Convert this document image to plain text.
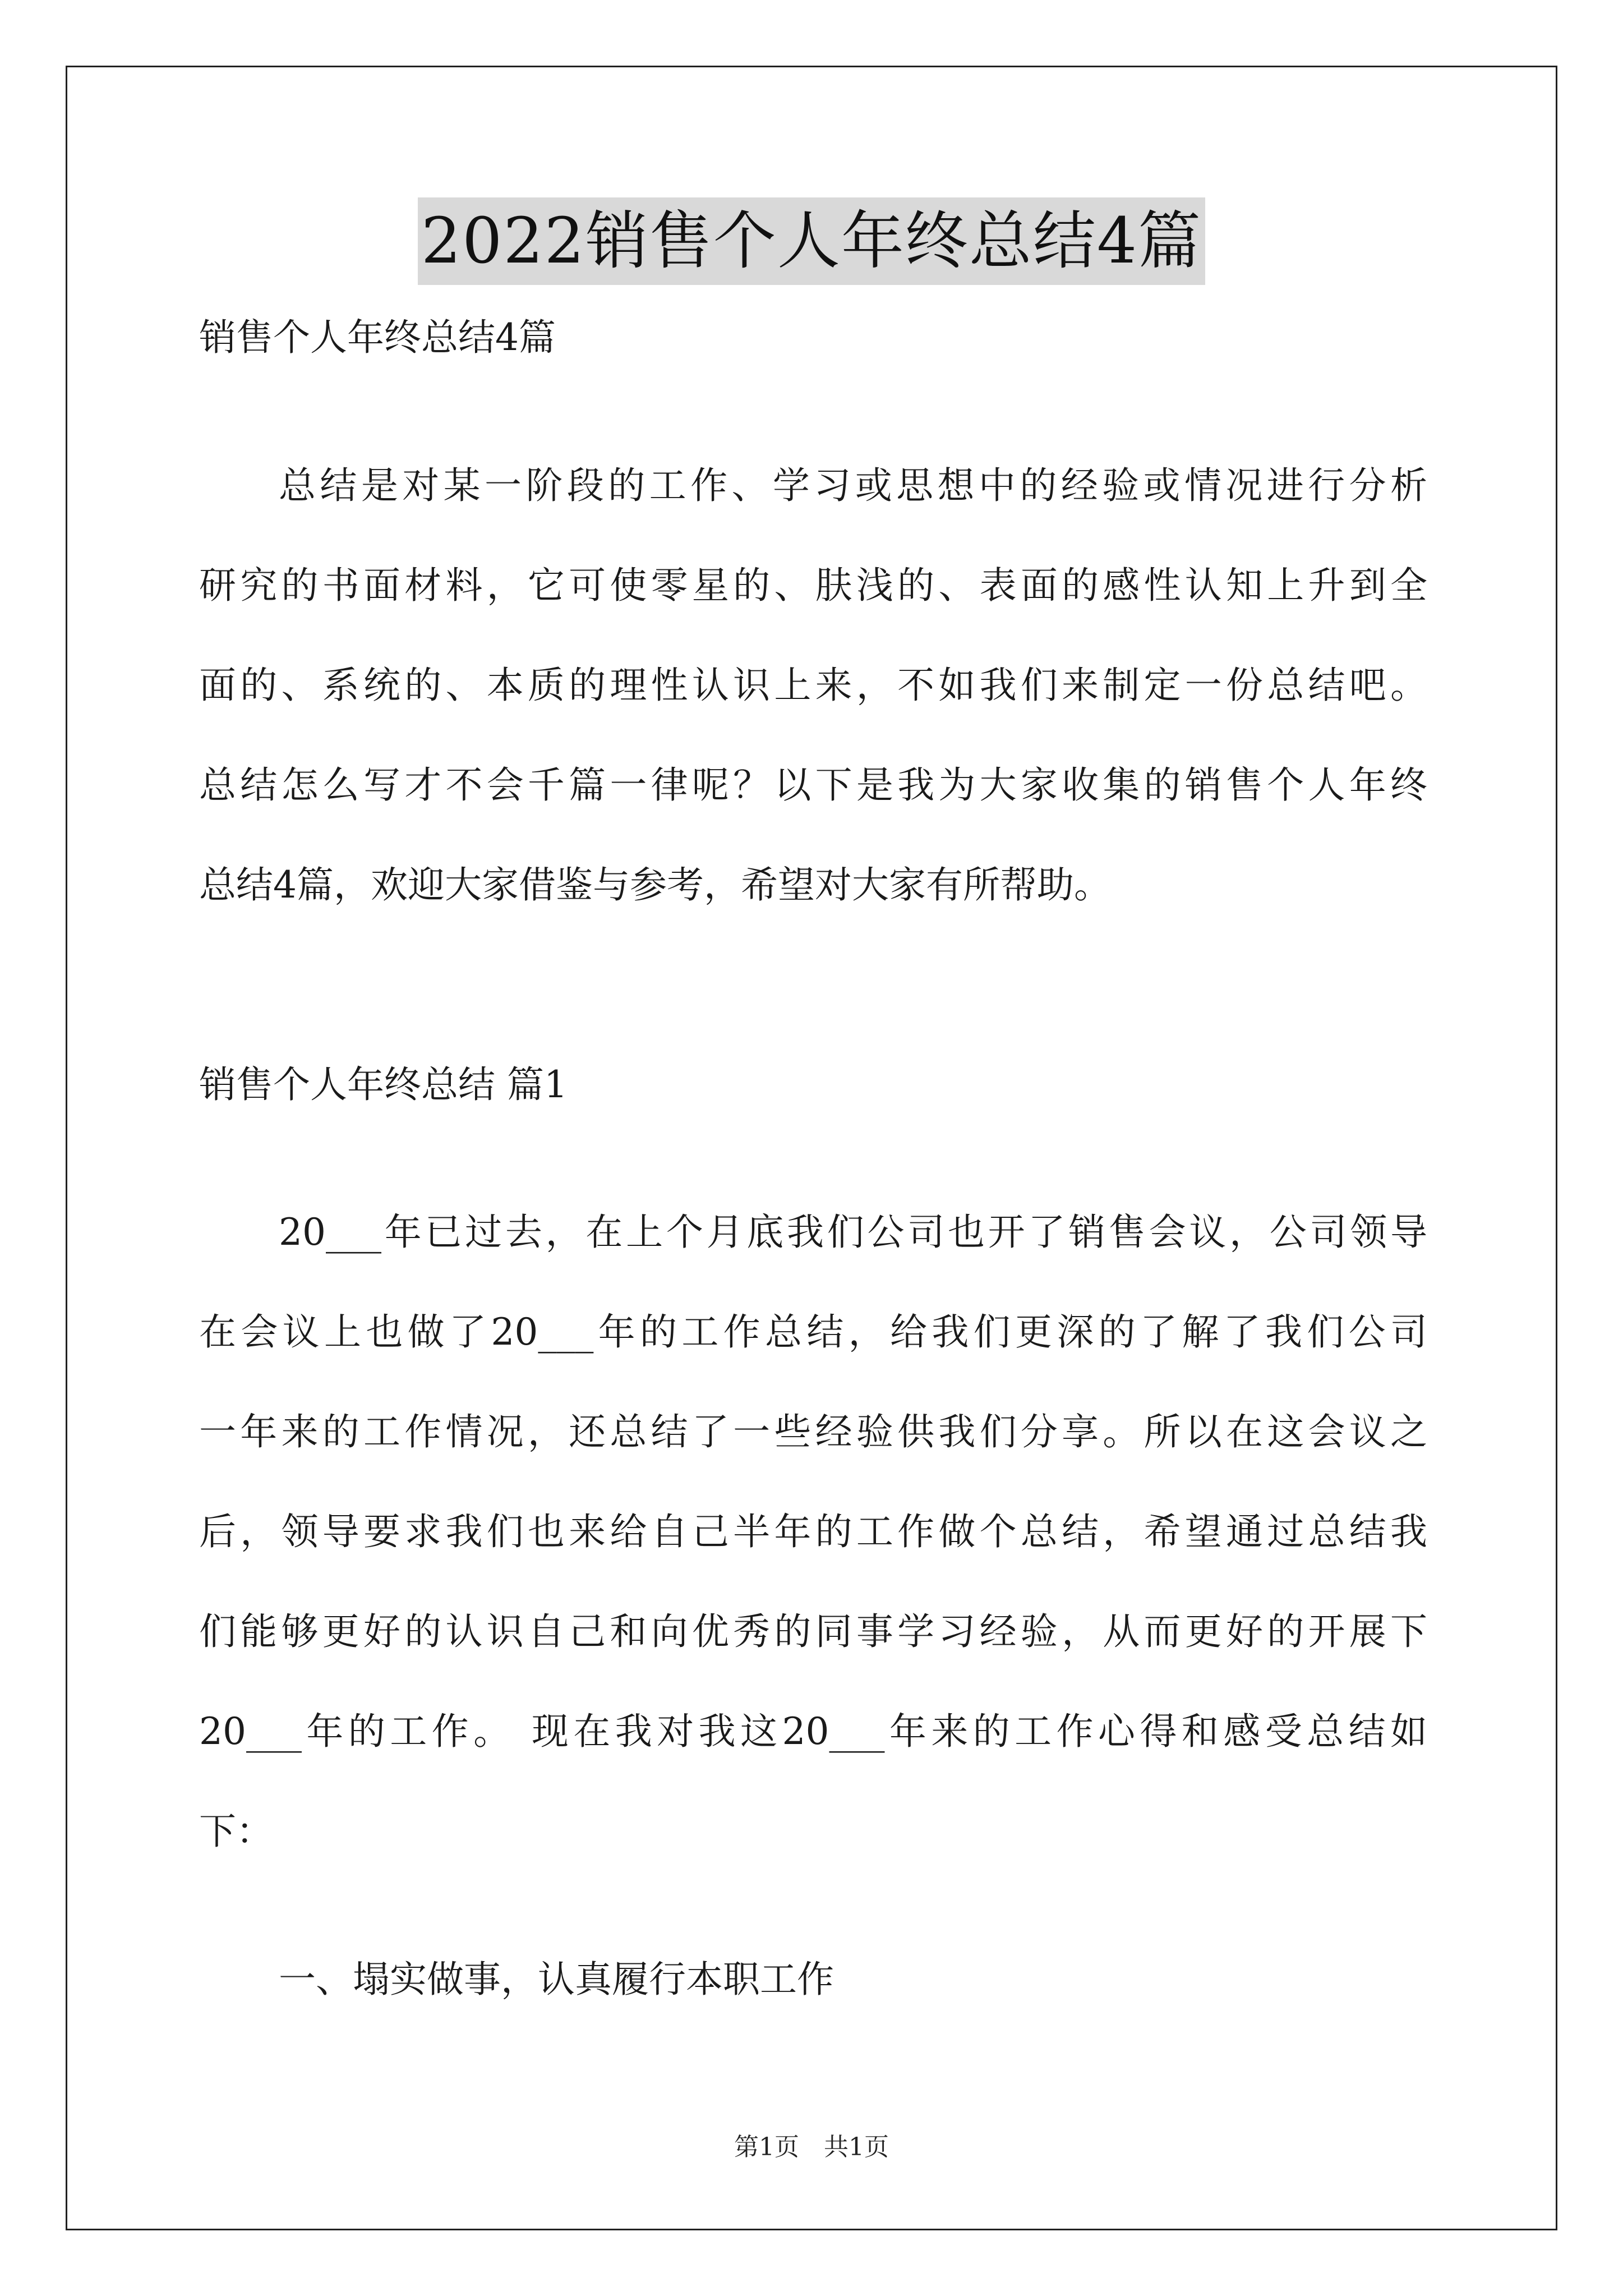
2022销售个人年终总结4篇
销售个人年终总结4篇
总结是对某一阶段的工作、学习或思想中的经验或情况进行分析
研究的书面材料，它可使零星的、肤浅的、表面的感性认知上升到全
面的、系统的、本质的理性认识上来，不如我们来制定一份总结吧。
总结怎么写才不会千篇一律呢？以下是我为大家收集的销售个人年终
总结4篇，欢迎大家借鉴与参考，希望对大家有所帮助。
销售个人年终总结 篇1
20___年已过去，在上个月底我们公司也开了销售会议，公司领导
在会议上也做了20___年的工作总结，给我们更深的了解了我们公司
一年来的工作情况，还总结了一些经验供我们分享。所以在这会议之
后，领导要求我们也来给自己半年的工作做个总结，希望通过总结我
们能够更好的认识自己和向优秀的同事学习经验，从而更好的开展下
20___年的工作。 现在我对我这20___年来的工作心得和感受总结如
下：
一、塌实做事，认真履行本职工作
第1页　共1页
